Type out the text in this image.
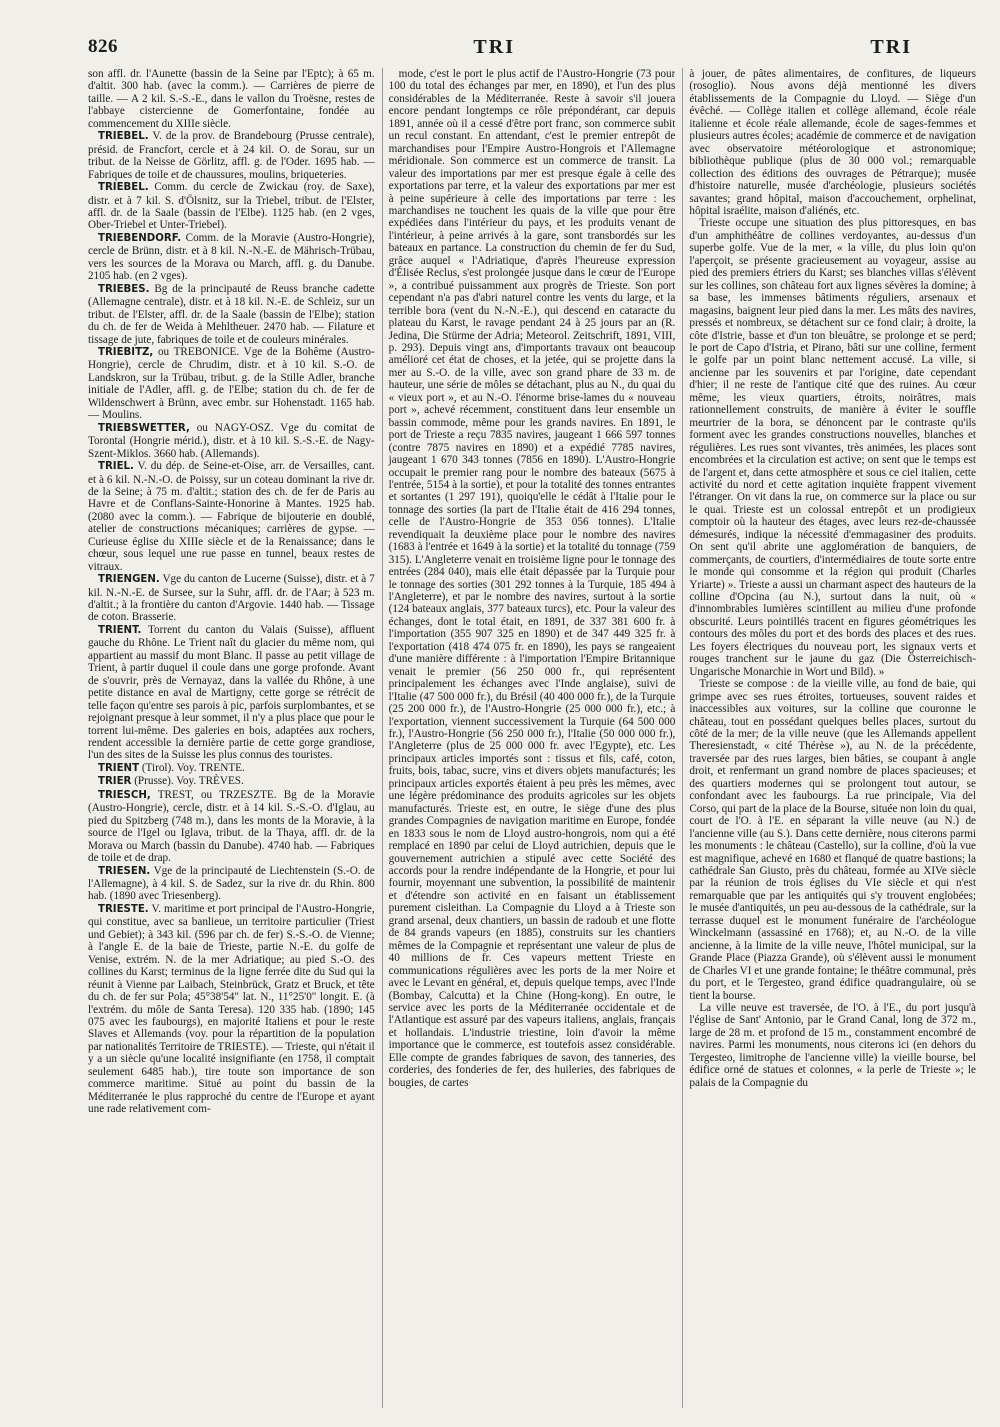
826	TRI	TRI

son affl. dr. l'Aunette (bassin de la Seine par l'Eptc); à 65 m. d'altit. 300 hab. (avec la comm.). — Carrières de pierre de taille. — A 2 kil. S.-S.-E., dans le vallon du Troësne, restes de l'abbaye cistercienne de Gomerfontaine, fondée au commencement du XIIIe siècle.

TRIEBEL. V. de la prov. de Brandebourg (Prusse centrale), présid. de Francfort, cercle et à 24 kil. O. de Sorau, sur un tribut. de la Neisse de Görlitz, affl. g. de l'Oder. 1695 hab. — Fabriques de toile et de chaussures, moulins, briqueteries.

TRIEBEL. Comm. du cercle de Zwickau (roy. de Saxe), distr. et à 7 kil. S. d'Ölsnitz, sur la Triebel, tribut. de l'Elster, affl. dr. de la Saale (bassin de l'Elbe). 1125 hab. (en 2 vges, Ober-Triebel et Unter-Triebel).

TRIEBENDORF. Comm. de la Moravie (Austro-Hongrie), cercle de Brünn, distr. et à 8 kil. N.-N.-E. de Mährisch-Trübau, vers les sources de la Morava ou March, affl. g. du Danube. 2105 hab. (en 2 vges).

TRIEBES. Bg de la principauté de Reuss branche cadette (Allemagne centrale), distr. et à 18 kil. N.-E. de Schleiz, sur un tribut. de l'Elster, affl. dr. de la Saale (bassin de l'Elbe); station du ch. de fer de Weida à Mehltheuer. 2470 hab. — Filature et tissage de jute, fabriques de toile et de couleurs minérales.

TRIEBITZ, ou TREBONICE. Vge de la Bohême (Austro-Hongrie), cercle de Chrudim, distr. et à 10 kil. S.-O. de Landskron, sur la Trübau, tribut. g. de la Stille Adler, branche initiale de l'Adler, affl. g. de l'Elbe; station du ch. de fer de Wildenschwert à Brünn, avec embr. sur Hohenstadt. 1165 hab. — Moulins.

TRIEBSWETTER, ou NAGY-OSZ. Vge du comitat de Torontal (Hongrie mérid.), distr. et à 10 kil. S.-S.-E. de Nagy-Szent-Miklos. 3660 hab. (Allemands).

TRIEL. V. du dép. de Seine-et-Oise, arr. de Versailles, cant. et à 6 kil. N.-N.-O. de Poissy, sur un coteau dominant la rive dr. de la Seine; à 75 m. d'altit.; station des ch. de fer de Paris au Havre et de Conflans-Sainte-Honorine à Mantes. 1925 hab. (2080 avec la comm.). — Fabrique de bijouterie en doublé, atelier de constructions mécaniques; carrières de gypse. — Curieuse église du XIIIe siècle et de la Renaissance; dans le chœur, sous lequel une rue passe en tunnel, beaux restes de vitraux.

TRIENGEN. Vge du canton de Lucerne (Suisse), distr. et à 7 kil. N.-N.-E. de Sursee, sur la Suhr, affl. dr. de l'Aar; à 523 m. d'altit.; à la frontière du canton d'Argovie. 1440 hab. — Tissage de coton. Brasserie.

TRIENT. Torrent du canton du Valais (Suisse), affluent gauche du Rhône. Le Trient naît du glacier du même nom, qui appartient au massif du mont Blanc. Il passe au petit village de Trient, à partir duquel il coule dans une gorge profonde. Avant de s'ouvrir, près de Vernayaz, dans la vallée du Rhône, à une petite distance en aval de Martigny, cette gorge se rétrécit de telle façon qu'entre ses parois à pic, parfois surplombantes, et se rejoignant presque à leur sommet, il n'y a plus place que pour le torrent lui-même. Des galeries en bois, adaptées aux rochers, rendent accessible la dernière partie de cette gorge grandiose, l'un des sites de la Suisse les plus connus des touristes.

TRIENT (Tirol). Voy. TRENTE.

TRIER (Prusse). Voy. TRÈVES.

TRIESCH, TREST, ou TRZESZTE. Bg de la Moravie (Austro-Hongrie), cercle, distr. et à 14 kil. S.-S.-O. d'Iglau, au pied du Spitzberg (748 m.), dans les monts de la Moravie, à la source de l'Igel ou Iglava, tribut. de la Thaya, affl. dr. de la Morava ou March (bassin du Danube). 4740 hab. — Fabriques de toile et de drap.

TRIESEN. Vge de la principauté de Liechtenstein (S.-O. de l'Allemagne), à 4 kil. S. de Sadez, sur la rive dr. du Rhin. 800 hab. (1890 avec Triesenberg).

TRIESTE. V. maritime et port principal de l'Austro-Hongrie, qui constitue, avec sa banlieue, un territoire particulier (Triest und Gebiet); à 343 kil. (596 par ch. de fer) S.-S.-O. de Vienne; à l'angle E. de la baie de Trieste, partie N.-E. du golfe de Venise, extrém. N. de la mer Adriatique; au pied S.-O. des collines du Karst; terminus de la ligne ferrée dite du Sud qui la réunit à Vienne par Laibach, Steinbrück, Gratz et Bruck, et tête du ch. de fer sur Pola; 45°38'54" lat. N., 11°25'0" longit. E. (à l'extrém. du môle de Santa Teresa). 120 335 hab. (1890; 145 075 avec les faubourgs), en majorité Italiens et pour le reste Slaves et Allemands (voy. pour la répartition de la population par nationalités Territoire de TRIESTE). — Trieste, qui n'était il y a un siècle qu'une localité insignifiante (en 1758, il comptait seulement 6485 hab.), tire toute son importance de son commerce maritime. Situé au point du bassin de la Méditerranée le plus rapproché du centre de l'Europe et ayant une rade relativement com-

mode, c'est le port le plus actif de l'Austro-Hongrie (73 pour 100 du total des échanges par mer, en 1890), et l'un des plus considérables de la Méditerranée. Reste à savoir s'il jouera encore pendant longtemps ce rôle prépondérant, car depuis 1891, année où il a cessé d'être port franc, son commerce subit un recul constant. En attendant, c'est le premier entrepôt de marchandises pour l'Empire Austro-Hongrois et l'Allemagne méridionale. Son commerce est un commerce de transit. La valeur des importations par mer est presque égale à celle des exportations par terre, et la valeur des exportations par mer est à peine supérieure à celle des importations par terre : les marchandises ne touchent les quais de la ville que pour être expédiées dans l'intérieur du pays, et les produits venant de l'intérieur, à peine arrivés à la gare, sont transbordés sur les bateaux en partance. La construction du chemin de fer du Sud, grâce auquel « l'Adriatique, d'après l'heureuse expression d'Élisée Reclus, s'est prolongée jusque dans le cœur de l'Europe », a contribué puissamment aux progrès de Trieste. Son port cependant n'a pas d'abri naturel contre les vents du large, et la terrible bora (vent du N.-N.-E.), qui descend en cataracte du plateau du Karst, le ravage pendant 24 à 25 jours par an (R. Jedina, Die Stürme der Adria; Meteorol. Zeitschrift, 1891, VIII, p. 293). Depuis vingt ans, d'importants travaux ont beaucoup amélioré cet état de choses, et la jetée, qui se projette dans la mer au S.-O. de la ville, avec son grand phare de 33 m. de hauteur, une série de môles se détachant, plus au N., du quai du « vieux port », et au N.-O. l'énorme brise-lames du « nouveau port », achevé récemment, constituent dans leur ensemble un bassin commode, même pour les grands navires. En 1891, le port de Trieste a reçu 7835 navires, jaugeant 1 666 597 tonnes (contre 7875 navires en 1890) et a expédié 7785 navires, jaugeant 1 670 343 tonnes (7856 en 1890). L'Austro-Hongrie occupait le premier rang pour le nombre des bateaux (5675 à l'entrée, 5154 à la sortie), et pour la totalité des tonnes entrantes et sortantes (1 297 191), quoiqu'elle le cédât à l'Italie pour le tonnage des sorties (la part de l'Italie était de 416 294 tonnes, celle de l'Austro-Hongrie de 353 056 tonnes). L'Italie revendiquait la deuxième place pour le nombre des navires (1683 à l'entrée et 1649 à la sortie) et la totalité du tonnage (759 315). L'Angleterre venait en troisième ligne pour le tonnage des entrées (284 040), mais elle était dépassée par la Turquie pour le tonnage des sorties (301 292 tonnes à la Turquie, 185 494 à l'Angleterre), et par le nombre des navires, surtout à la sortie (124 bateaux anglais, 377 bateaux turcs), etc. Pour la valeur des échanges, dont le total était, en 1891, de 337 381 600 fr. à l'importation (355 907 325 en 1890) et de 347 449 325 fr. à l'exportation (418 474 075 fr. en 1890), les pays se rangeaient d'une manière différente : à l'importation l'Empire Britannique venait le premier (56 250 000 fr., qui représentent principalement les échanges avec l'Inde anglaise), suivi de l'Italie (47 500 000 fr.), du Brésil (40 400 000 fr.), de la Turquie (25 200 000 fr.), de l'Austro-Hongrie (25 000 000 fr.), etc.; à l'exportation, viennent successivement la Turquie (64 500 000 fr.), l'Austro-Hongrie (56 250 000 fr.), l'Italie (50 000 000 fr.), l'Angleterre (plus de 25 000 000 fr. avec l'Egypte), etc. Les principaux articles importés sont : tissus et fils, café, coton, fruits, bois, tabac, sucre, vins et divers objets manufacturés; les principaux articles exportés étaient à peu près les mêmes, avec une légère prédominance des produits agricoles sur les objets manufacturés. Trieste est, en outre, le siège d'une des plus grandes Compagnies de navigation maritime en Europe, fondée en 1833 sous le nom de Lloyd austro-hongrois, nom qui a été remplacé en 1890 par celui de Lloyd autrichien, depuis que le gouvernement autrichien a stipulé avec cette Société des accords pour la rendre indépendante de la Hongrie, et pour lui fournir, moyennant une subvention, la possibilité de maintenir et d'étendre son activité en en faisant un établissement purement cisleithan. La Compagnie du Lloyd a à Trieste son grand arsenal, deux chantiers, un bassin de radoub et une flotte de 84 grands vapeurs (en 1885), construits sur les chantiers mêmes de la Compagnie et représentant une valeur de plus de 40 millions de fr. Ces vapeurs mettent Trieste en communications régulières avec les ports de la mer Noire et avec le Levant en général, et, depuis quelque temps, avec l'Inde (Bombay, Calcutta) et la Chine (Hong-kong). En outre, le service avec les ports de la Méditerranée occidentale et de l'Atlantique est assuré par des vapeurs italiens, anglais, français et hollandais. L'industrie triestine, loin d'avoir la même importance que le commerce, est toutefois assez considérable. Elle compte de grandes fabriques de savon, des tanneries, des corderies, des fonderies de fer, des huileries, des fabriques de bougies, de cartes

à jouer, de pâtes alimentaires, de confitures, de liqueurs (rosoglio). Nous avons déjà mentionné les divers établissements de la Compagnie du Lloyd. — Siège d'un évêché. — Collège italien et collège allemand, école réale italienne et école réale allemande, école de sages-femmes et plusieurs autres écoles; académie de commerce et de navigation avec observatoire météorologique et astronomique; bibliothèque publique (plus de 30 000 vol.; remarquable collection des éditions des ouvrages de Pétrarque); musée d'histoire naturelle, musée d'archéologie, plusieurs sociétés savantes; grand hôpital, maison d'accouchement, orphelinat, hôpital israélite, maison d'aliénés, etc.

Trieste occupe une situation des plus pittoresques, en bas d'un amphithéâtre de collines verdoyantes, au-dessus d'un superbe golfe. Vue de la mer, « la ville, du plus loin qu'on l'aperçoit, se présente gracieusement au voyageur, assise au pied des premiers étriers du Karst; ses blanches villas s'élèvent sur les collines, son château fort aux lignes sévères la domine; à sa base, les immenses bâtiments réguliers, arsenaux et magasins, baignent leur pied dans la mer. Les mâts des navires, pressés et nombreux, se détachent sur ce fond clair; à droite, la côte d'Istrie, basse et d'un ton bleuâtre, se prolonge et se perd; le port de Capo d'Istria, et Pirano, bâti sur une colline, ferment le golfe par un point blanc nettement accusé. La ville, si ancienne par les souvenirs et par l'origine, date cependant d'hier; il ne reste de l'antique cité que des ruines. Au cœur même, les vieux quartiers, étroits, noirâtres, mais rationnellement construits, de manière à éviter le souffle meurtrier de la bora, se dénoncent par le contraste qu'ils forment avec les grandes constructions nouvelles, blanches et régulières. Les rues sont vivantes, très animées, les places sont encombrées et la circulation est active; on sent que le temps est de l'argent et, dans cette atmosphère et sous ce ciel italien, cette activité du nord et cette agitation inquiète frappent vivement l'étranger. On vit dans la rue, on commerce sur la place ou sur le quai. Trieste est un colossal entrepôt et un prodigieux comptoir où la hauteur des étages, avec leurs rez-de-chaussée démesurés, indique la nécessité d'emmagasiner des produits. On sent qu'il abrite une agglomération de banquiers, de commerçants, de courtiers, d'intermédiaires de toute sorte entre le monde qui consomme et la région qui produit (Charles Yriarte) ». Trieste a aussi un charmant aspect des hauteurs de la colline d'Opcina (au N.), surtout dans la nuit, où « d'innombrables lumières scintillent au milieu d'une profonde obscurité. Leurs pointillés tracent en figures géométriques les contours des môles du port et des bords des places et des rues. Les foyers électriques du nouveau port, les signaux verts et rouges tranchent sur le jaune du gaz (Die Österreichisch-Ungarische Monarchie in Wort und Bild). »

Trieste se compose : de la vieille ville, au fond de baie, qui grimpe avec ses rues étroites, tortueuses, souvent raides et inaccessibles aux voitures, sur la colline que couronne le château, tout en possédant quelques belles places, surtout du côté de la mer; de la ville neuve (que les Allemands appellent Theresienstadt, « cité Thérèse »), au N. de la précédente, traversée par des rues larges, bien bâties, se coupant à angle droit, et renfermant un grand nombre de places spacieuses; et des quartiers modernes qui se prolongent tout autour, se confondant avec les faubourgs. La rue principale, Via del Corso, qui part de la place de la Bourse, située non loin du quai, court de l'O. à l'E. en séparant la ville neuve (au N.) de l'ancienne ville (au S.). Dans cette dernière, nous citerons parmi les monuments : le château (Castello), sur la colline, d'où la vue est magnifique, achevé en 1680 et flanqué de quatre bastions; la cathédrale San Giusto, près du château, formée au XIVe siècle par la réunion de trois églises du VIe siècle et qui n'est remarquable que par les antiquités qui s'y trouvent englobées; le musée d'antiquités, un peu au-dessous de la cathédrale, sur la terrasse duquel est le monument funéraire de l'archéologue Winckelmann (assassiné en 1768); et, au N.-O. de la ville ancienne, à la limite de la ville neuve, l'hôtel municipal, sur la Grande Place (Piazza Grande), où s'élèvent aussi le monument de Charles VI et une grande fontaine; le théâtre communal, près du port, et le Tergesteo, grand édifice quadrangulaire, où se tient la bourse.

La ville neuve est traversée, de l'O. à l'E., du port jusqu'à l'église de Sant' Antonio, par le Grand Canal, long de 372 m., large de 28 m. et profond de 15 m., constamment encombré de navires. Parmi les monuments, nous citerons ici (en dehors du Tergesteo, limitrophe de l'ancienne ville) la vieille bourse, bel édifice orné de statues et colonnes, « la perle de Trieste »; le palais de la Compagnie du
